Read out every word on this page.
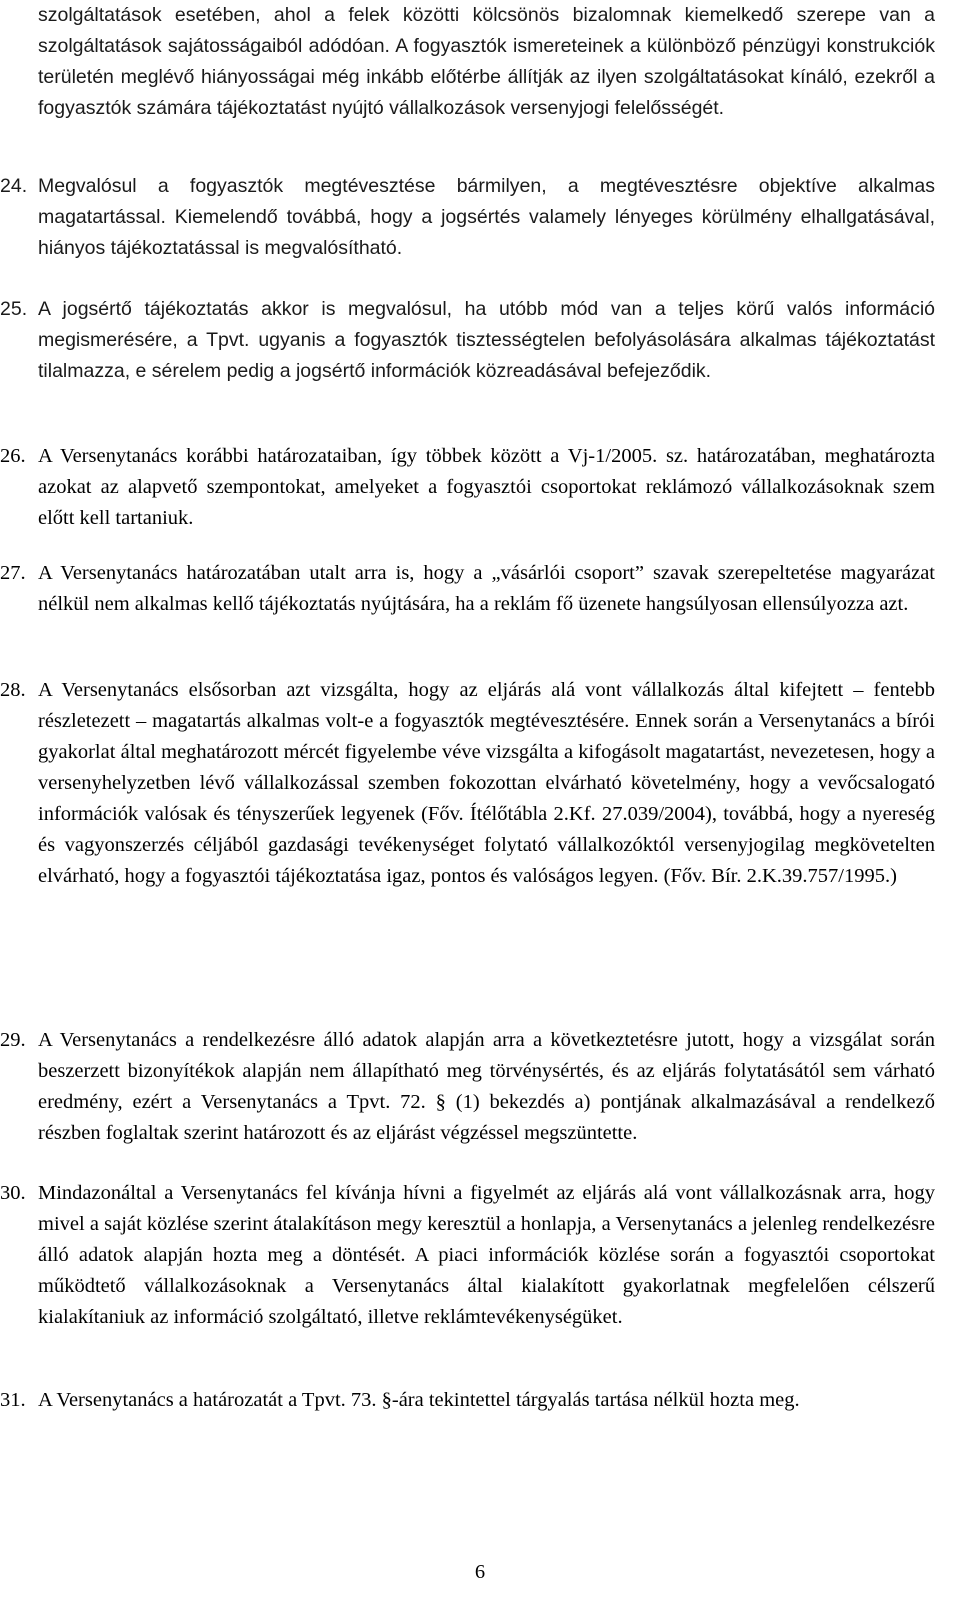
szolgáltatások esetében, ahol a felek közötti kölcsönös bizalomnak kiemelkedő szerepe van a szolgáltatások sajátosságaiból adódóan. A fogyasztók ismereteinek a különböző pénzügyi konstrukciók területén meglévő hiányosságai még inkább előtérbe állítják az ilyen szolgáltatásokat kínáló, ezekről a fogyasztók számára tájékoztatást nyújtó vállalkozások versenyjogi felelősségét.

24. Megvalósul a fogyasztók megtévesztése bármilyen, a megtévesztésre objektíve alkalmas magatartással. Kiemelendő továbbá, hogy a jogsértés valamely lényeges körülmény elhallgatásával, hiányos tájékoztatással is megvalósítható.

25. A jogsértő tájékoztatás akkor is megvalósul, ha utóbb mód van a teljes körű valós információ megismerésére, a Tpvt. ugyanis a fogyasztók tisztességtelen befolyásolására alkalmas tájékoztatást tilalmazza, e sérelem pedig a jogsértő információk közreadásával befejeződik.

26. A Versenytanács korábbi határozataiban, így többek között a Vj-1/2005. sz. határozatában, meghatározta azokat az alapvető szempontokat, amelyeket a fogyasztói csoportokat reklámozó vállalkozásoknak szem előtt kell tartaniuk.

27. A Versenytanács határozatában utalt arra is, hogy a „vásárlói csoport” szavak szerepeltetése magyarázat nélkül nem alkalmas kellő tájékoztatás nyújtására, ha a reklám fő üzenete hangsúlyosan ellensúlyozza azt.

28. A Versenytanács elsősorban azt vizsgálta, hogy az eljárás alá vont vállalkozás által kifejtett – fentebb részletezett – magatartás alkalmas volt-e a fogyasztók megtévesztésére. Ennek során a Versenytanács a bírói gyakorlat által meghatározott mércét figyelembe véve vizsgálta a kifogásolt magatartást, nevezetesen, hogy a versenyhelyzetben lévő vállalkozással szemben fokozottan elvárható követelmény, hogy a vevőcsalogató információk valósak és tényszerűek legyenek (Főv. Ítélőtábla 2.Kf. 27.039/2004), továbbá, hogy a nyereség és vagyonszerzés céljából gazdasági tevékenységet folytató vállalkozóktól versenyjogilag megkövetelten elvárható, hogy a fogyasztói tájékoztatása igaz, pontos és valóságos legyen. (Főv. Bír. 2.K.39.757/1995.)

29. A Versenytanács a rendelkezésre álló adatok alapján arra a következtetésre jutott, hogy a vizsgálat során beszerzett bizonyítékok alapján nem állapítható meg törvénysértés, és az eljárás folytatásától sem várható eredmény, ezért a Versenytanács a Tpvt. 72. § (1) bekezdés a) pontjának alkalmazásával a rendelkező részben foglaltak szerint határozott és az eljárást végzéssel megszüntette.

30. Mindazonáltal a Versenytanács fel kívánja hívni a figyelmét az eljárás alá vont vállalkozásnak arra, hogy mivel a saját közlése szerint átalakításon megy keresztül a honlapja, a Versenytanács a jelenleg rendelkezésre álló adatok alapján hozta meg a döntését. A piaci információk közlése során a fogyasztói csoportokat működtető vállalkozásoknak a Versenytanács által kialakított gyakorlatnak megfelelően célszerű kialakítaniuk az információ szolgáltató, illetve reklámtevékenységüket.

31. A Versenytanács a határozatát a Tpvt. 73. §-ára tekintettel tárgyalás tartása nélkül hozta meg.

6
